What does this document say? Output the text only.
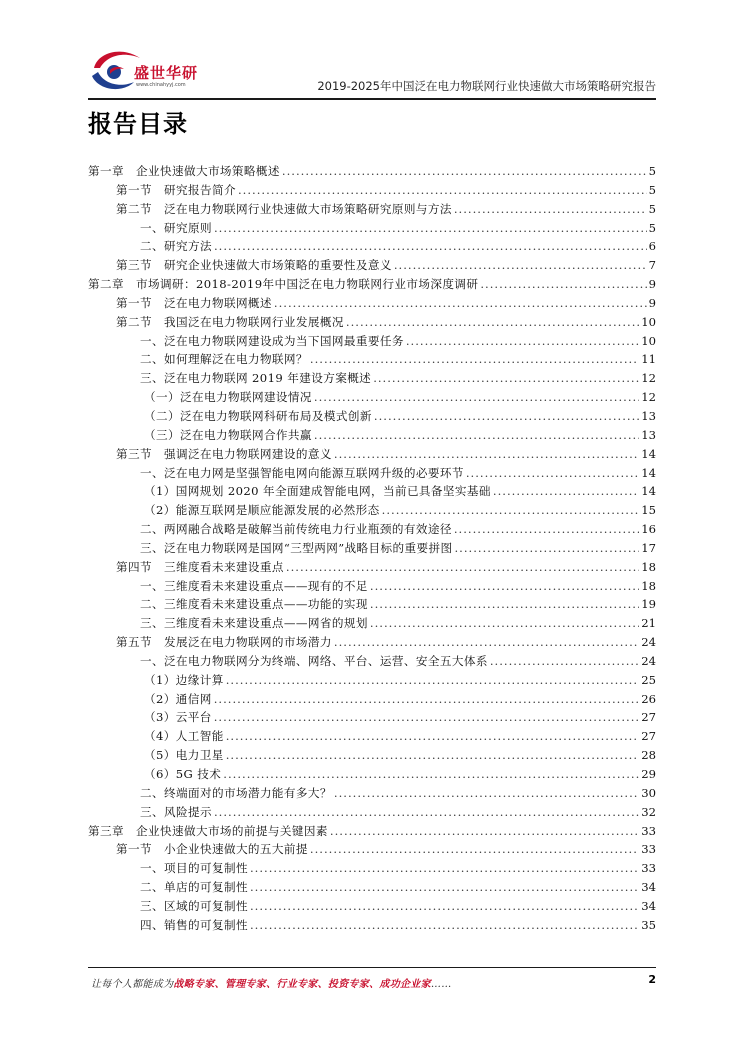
盛世华研
www.chinahyyj.com	2019-2025年中国泛在电力物联网行业快速做大市场策略研究报告
报告目录
第一章　企业快速做大市场策略概述 .....	5
第一节　研究报告简介 .....	5
第二节　泛在电力物联网行业快速做大市场策略研究原则与方法 .....	5
一、研究原则 .....	5
二、研究方法 .....	6
第三节　研究企业快速做大市场策略的重要性及意义 .....	7
第二章　市场调研：2018-2019年中国泛在电力物联网行业市场深度调研 .....	9
第一节　泛在电力物联网概述 .....	9
第二节　我国泛在电力物联网行业发展概况 .....	10
一、泛在电力物联网建设成为当下国网最重要任务 .....	10
二、如何理解泛在电力物联网？ .....	11
三、泛在电力物联网 2019 年建设方案概述 .....	12
（一）泛在电力物联网建设情况 .....	12
（二）泛在电力物联网科研布局及模式创新 .....	13
（三）泛在电力物联网合作共赢 .....	13
第三节　强调泛在电力物联网建设的意义 .....	14
一、泛在电力网是坚强智能电网向能源互联网升级的必要环节 .....	14
（1）国网规划 2020 年全面建成智能电网，当前已具备坚实基础 .....	14
（2）能源互联网是顺应能源发展的必然形态 .....	15
二、两网融合战略是破解当前传统电力行业瓶颈的有效途径 .....	16
三、泛在电力物联网是国网“三型两网”战略目标的重要拼图 .....	17
第四节　三维度看未来建设重点 .....	18
一、三维度看未来建设重点——现有的不足 .....	18
二、三维度看未来建设重点——功能的实现 .....	19
三、三维度看未来建设重点——网省的规划 .....	21
第五节　发展泛在电力物联网的市场潜力 .....	24
一、泛在电力物联网分为终端、网络、平台、运营、安全五大体系 .....	24
（1）边缘计算 .....	25
（2）通信网 .....	26
（3）云平台 .....	27
（4）人工智能 .....	27
（5）电力卫星 .....	28
（6）5G 技术 .....	29
二、终端面对的市场潜力能有多大？ .....	30
三、风险提示 .....	32
第三章　企业快速做大市场的前提与关键因素 .....	33
第一节　小企业快速做大的五大前提 .....	33
一、项目的可复制性 .....	33
二、单店的可复制性 .....	34
三、区域的可复制性 .....	34
四、销售的可复制性 .....	35
让每个人都能成为战略专家、管理专家、行业专家、投资专家、成功企业家……	2
